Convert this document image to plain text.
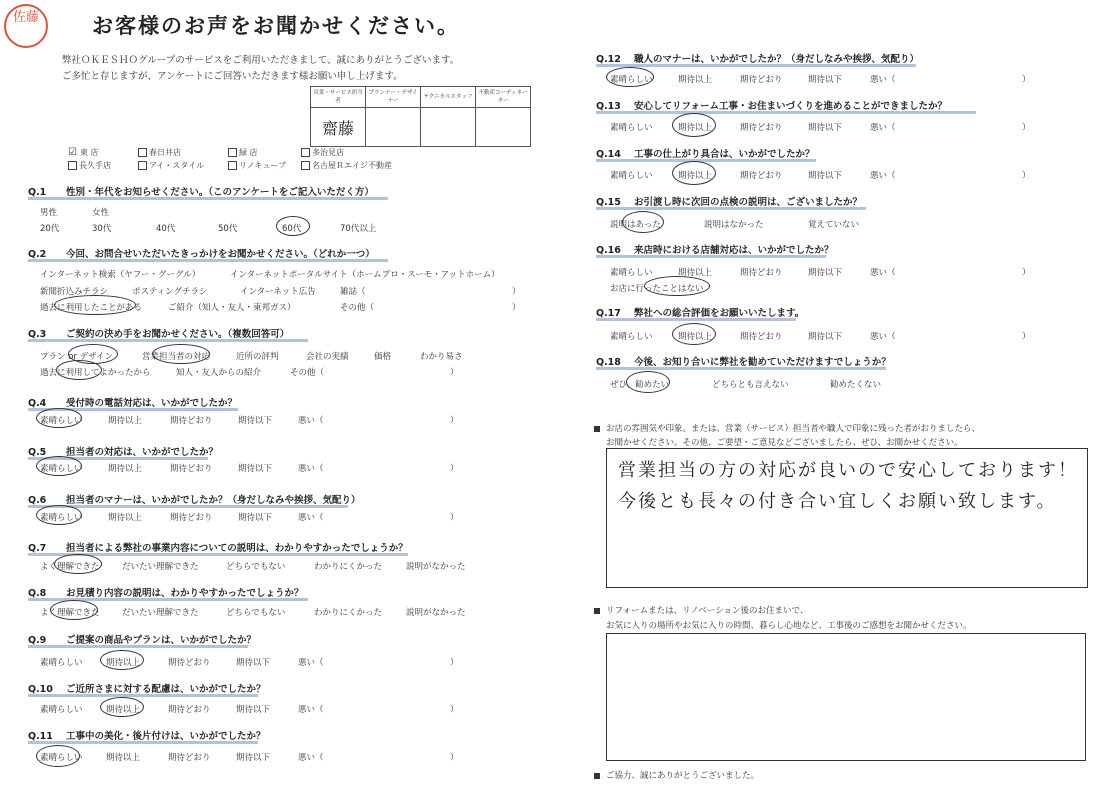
佐藤	お客様のお声をお聞かせください。
弊社ＯＫＥＳＨＯグループのサービスをご利用いただきまして、誠にありがとうございます。
ご多忙と存じますが、アンケートにご回答いただきます様お願い申し上げます。
営業・サービス担当者	プランナー・デザイナー	テクニカルスタッフ	不動産コーディネーター
齋藤			
☑ 東 店	春日井店	緑 店	多治見店
長久手店	アイ・スタイル	リノキューブ	名古屋Ｒエイジ不動産
Q.1 性別・年代をお知らせください。（このアンケートをご記入いただく方）
男性	女性
20代	30代	40代	50代	60代	70代以上
Q.2 今回、お問合せいただいたきっかけをお聞かせください。（どれか一つ）
インターネット検索（ヤフー・グーグル）	インターネットポータルサイト（ホームプロ・スーモ・アットホーム）
新聞折込みチラシ	ポスティングチラシ	インターネット広告	雑誌（	）
過去に利用したことがある	ご紹介（知人・友人・東邦ガス）	その他（	）
Q.3 ご契約の決め手をお聞かせください。（複数回答可）
プラン or デザイン	営業担当者の対応	近所の評判	会社の実績	価格	わかり易さ
過去に利用してよかったから	知人・友人からの紹介	その他（	）
Q.4 受付時の電話対応は、いかがでしたか？
素晴らしい	期待以上	期待どおり	期待以下	悪い（	）
Q.5 担当者の対応は、いかがでしたか？
素晴らしい	期待以上	期待どおり	期待以下	悪い（	）
Q.6 担当者のマナーは、いかがでしたか？（身だしなみや挨拶、気配り）
素晴らしい	期待以上	期待どおり	期待以下	悪い（	）
Q.7 担当者による弊社の事業内容についての説明は、わかりやすかったでしょうか？
よく理解できた	だいたい理解できた	どちらでもない	わかりにくかった	説明がなかった
Q.8 お見積り内容の説明は、わかりやすかったでしょうか？
よく理解できた	だいたい理解できた	どちらでもない	わかりにくかった	説明がなかった
Q.9 ご提案の商品やプランは、いかがでしたか？
素晴らしい	期待以上	期待どおり	期待以下	悪い（	）
Q.10 ご近所さまに対する配慮は、いかがでしたか？
素晴らしい	期待以上	期待どおり	期待以下	悪い（	）
Q.11 工事中の美化・後片付けは、いかがでしたか？
素晴らしい	期待以上	期待どおり	期待以下	悪い（	）
Q.12 職人のマナーは、いかがでしたか？（身だしなみや挨拶、気配り）
素晴らしい	期待以上	期待どおり	期待以下	悪い（	）
Q.13 安心してリフォーム工事・お住まいづくりを進めることができましたか？
素晴らしい	期待以上	期待どおり	期待以下	悪い（	）
Q.14 工事の仕上がり具合は、いかがでしたか？
素晴らしい	期待以上	期待どおり	期待以下	悪い（	）
Q.15 お引渡し時に次回の点検の説明は、ございましたか？
説明はあった	説明はなかった	覚えていない
Q.16 来店時における店舗対応は、いかがでしたか？
素晴らしい	期待以上	期待どおり	期待以下	悪い（	）
お店に行ったことはない
Q.17 弊社への総合評価をお願いいたします。
素晴らしい	期待以上	期待どおり	期待以下	悪い（	）
Q.18 今後、お知り合いに弊社を勧めていただけますでしょうか？
ぜひ、勧めたい	どちらとも言えない	勧めたくない
お店の雰囲気や印象。または、営業（サービス）担当者や職人で印象に残った者がおりましたら、
お聞かせください。その他、ご要望・ご意見などございましたら、ぜひ、お聞かせください。
営業担当の方の対応が良いので安心しております！
今後とも長々の付き合い宜しくお願い致します。
リフォームまたは、リノベーション後のお住まいで、
お気に入りの場所やお気に入りの時間、暮らし心地など、工事後のご感想をお聞かせください。
ご協力、誠にありがとうございました。
